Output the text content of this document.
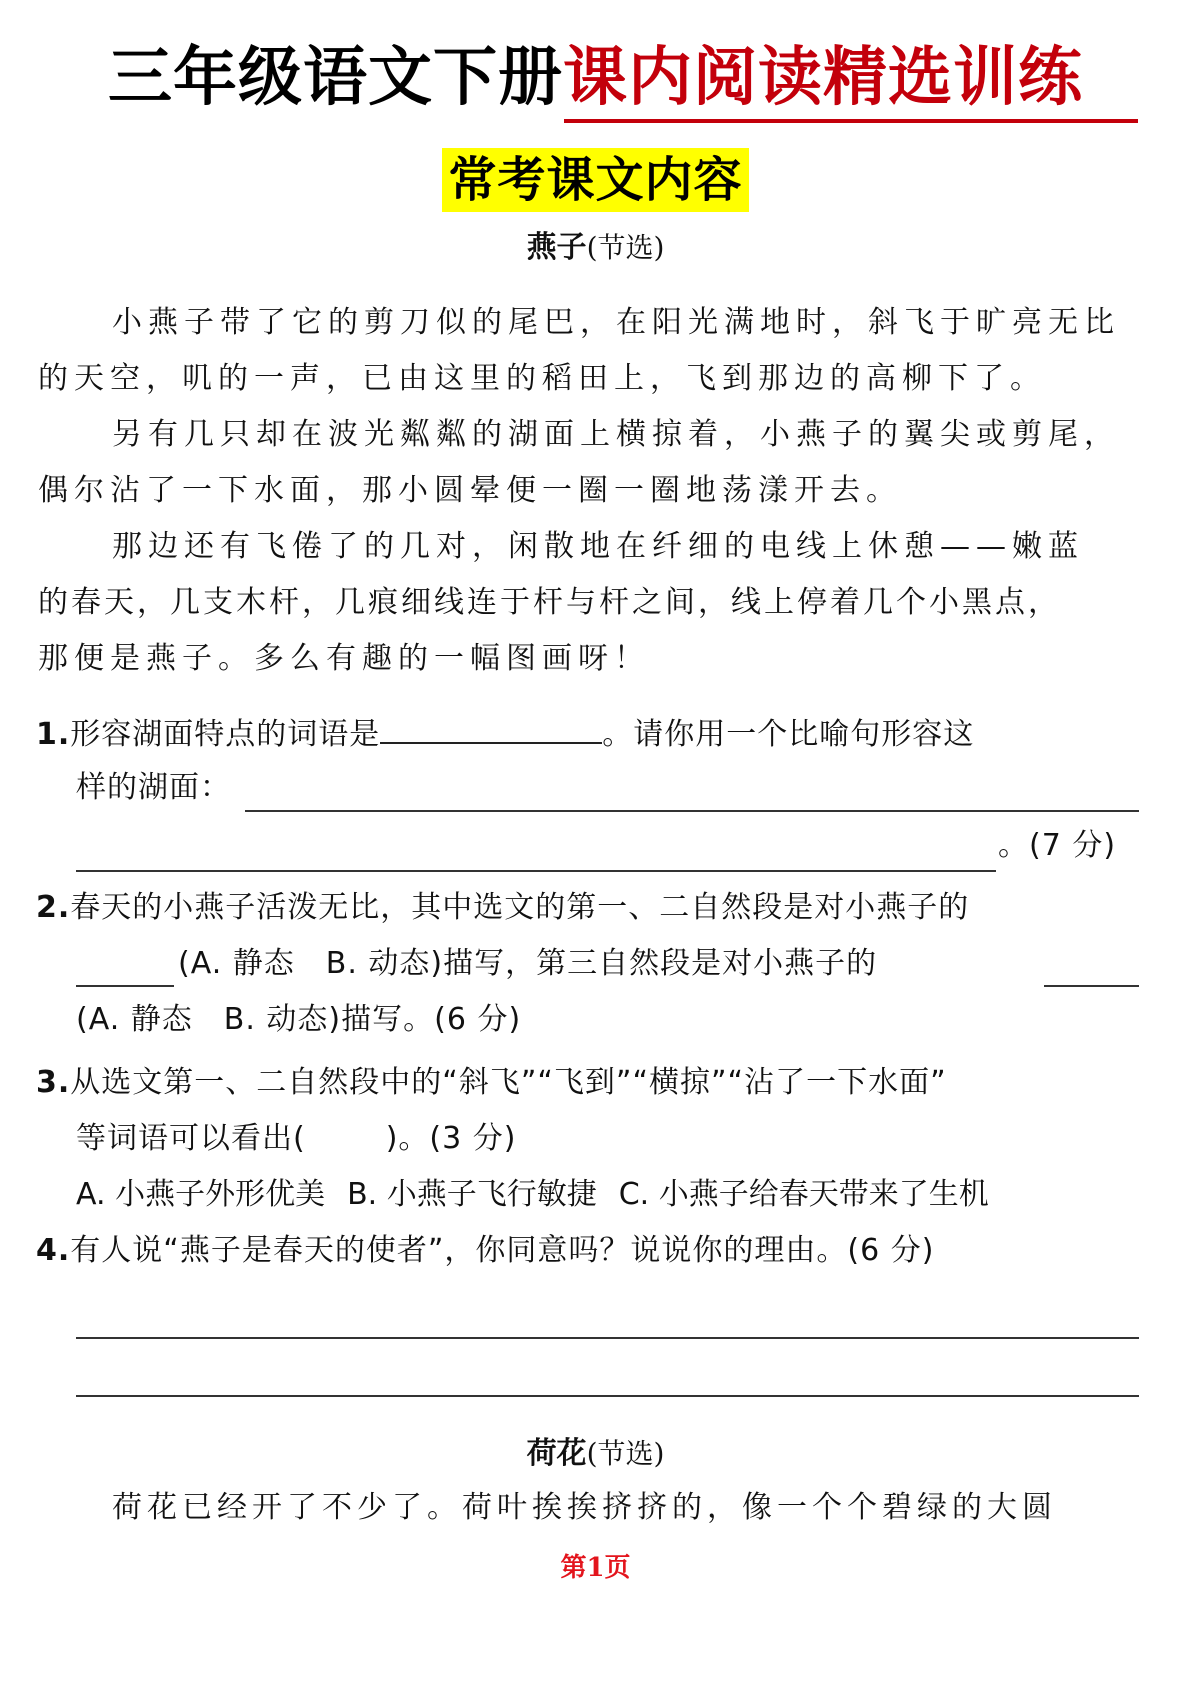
三年级语文下册课内阅读精选训练
常考课文内容
燕子(节选)
小燕子带了它的剪刀似的尾巴，在阳光满地时，斜飞于旷亮无比
的天空，叽的一声，已由这里的稻田上，飞到那边的高柳下了。
另有几只却在波光粼粼的湖面上横掠着，小燕子的翼尖或剪尾，
偶尔沾了一下水面，那小圆晕便一圈一圈地荡漾开去。
那边还有飞倦了的几对，闲散地在纤细的电线上休憩——嫩蓝
的春天，几支木杆，几痕细线连于杆与杆之间，线上停着几个小黑点，
那便是燕子。多么有趣的一幅图画呀！
1.形容湖面特点的词语是	。请你用一个比喻句形容这
样的湖面：
。(7 分)
2.春天的小燕子活泼无比，其中选文的第一、二自然段是对小燕子的
(A. 静态　B. 动态)描写，第三自然段是对小燕子的
(A. 静态　B. 动态)描写。(6 分)
3.从选文第一、二自然段中的“斜飞”“飞到”“横掠”“沾了一下水面”
等词语可以看出(	)。(3 分)
A. 小燕子外形优美 B. 小燕子飞行敏捷 C. 小燕子给春天带来了生机
4.有人说“燕子是春天的使者”，你同意吗？说说你的理由。(6 分)
荷花(节选)
荷花已经开了不少了。荷叶挨挨挤挤的，像一个个碧绿的大圆
第1页
